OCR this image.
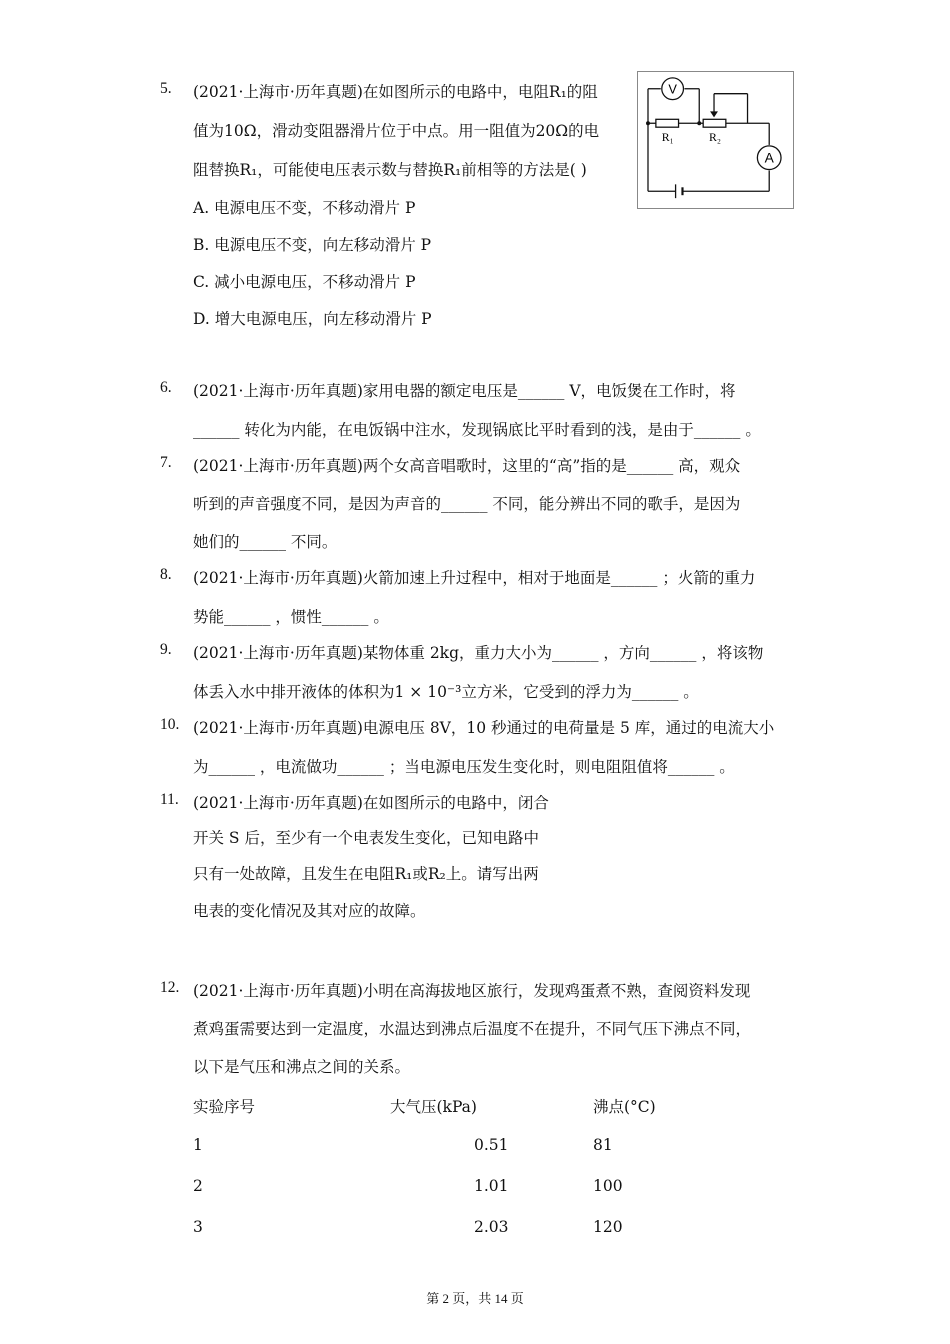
5. (2021·上海市·历年真题)在如图所示的电路中，电阻R₁的阻
值为10Ω，滑动变阻器滑片位于中点。用一阻值为20Ω的电
阻替换R₁，可能使电压表示数与替换R₁前相等的方法是( )
A. 电源电压不变，不移动滑片 P
B. 电源电压不变，向左移动滑片 P
C. 减小电源电压，不移动滑片 P
D. 增大电源电压，向左移动滑片 P
V
A
R₁	R₂
6. (2021·上海市·历年真题)家用电器的额定电压是______ V，电饭煲在工作时，将
______ 转化为内能，在电饭锅中注水，发现锅底比平时看到的浅，是由于______ 。
7. (2021·上海市·历年真题)两个女高音唱歌时，这里的“高”指的是______ 高，观众
听到的声音强度不同，是因为声音的______ 不同，能分辨出不同的歌手，是因为
她们的______ 不同。
8. (2021·上海市·历年真题)火箭加速上升过程中，相对于地面是______ ；火箭的重力
势能______ ，惯性______ 。
9. (2021·上海市·历年真题)某物体重 2kg，重力大小为______ ，方向______ ，将该物
体丢入水中排开液体的体积为1 × 10⁻³立方米，它受到的浮力为______ 。
10. (2021·上海市·历年真题)电源电压 8V，10 秒通过的电荷量是 5 库，通过的电流大小
为______ ，电流做功______ ；当电源电压发生变化时，则电阻阻值将______ 。
11. (2021·上海市·历年真题)在如图所示的电路中，闭合
开关 S 后，至少有一个电表发生变化，已知电路中
只有一处故障，且发生在电阻R₁或R₂上。请写出两
电表的变化情况及其对应的故障。
12. (2021·上海市·历年真题)小明在高海拔地区旅行，发现鸡蛋煮不熟，查阅资料发现
煮鸡蛋需要达到一定温度，水温达到沸点后温度不在提升，不同气压下沸点不同，
以下是气压和沸点之间的关系。
实验序号	大气压(kPa)	沸点(°C)
1	0.51	81
2	1.01	100
3	2.03	120
第 2 页，共 14 页
